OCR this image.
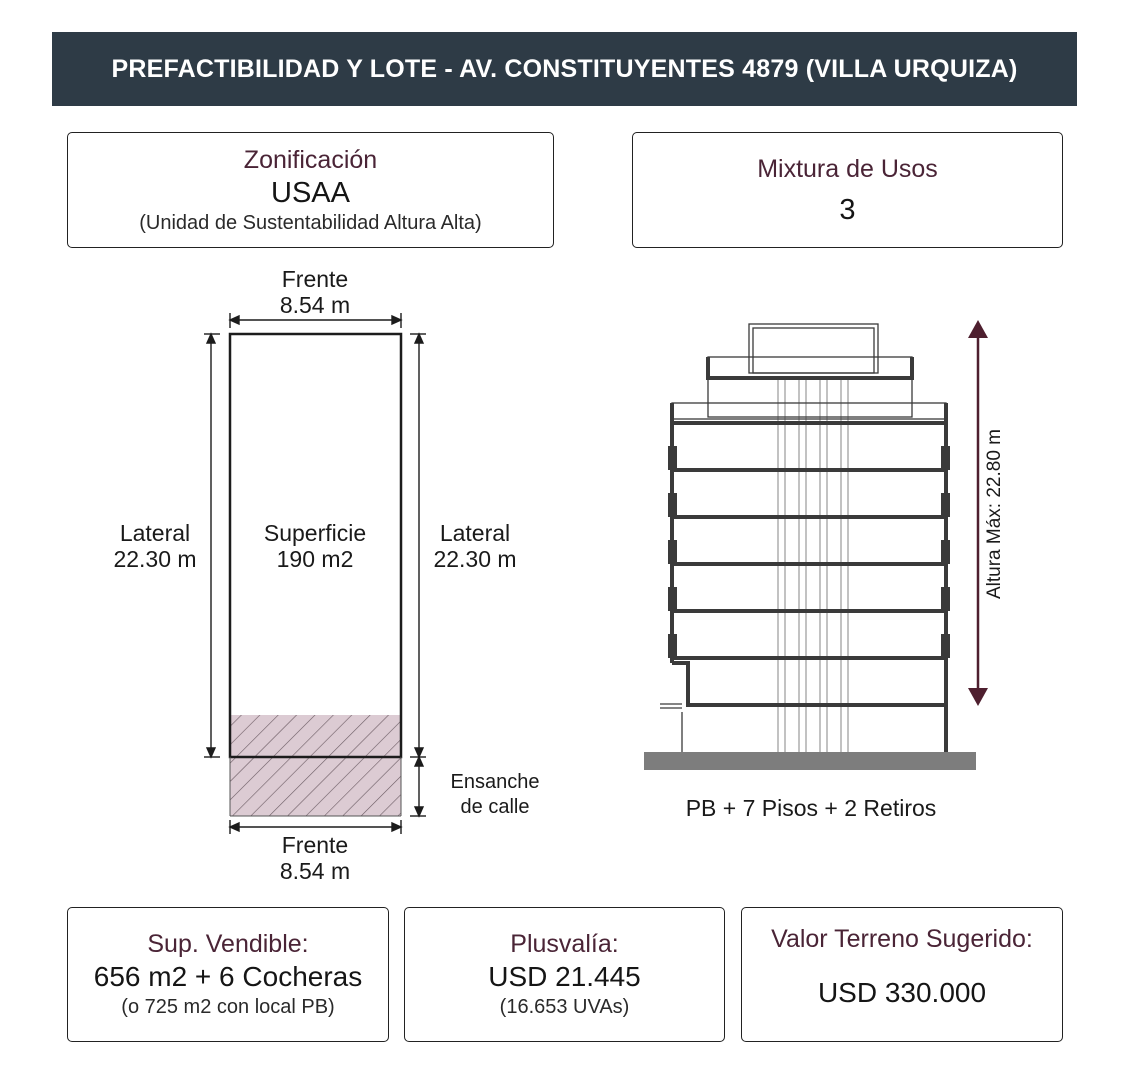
PREFACTIBILIDAD Y LOTE - AV. CONSTITUYENTES 4879 (VILLA URQUIZA)
Zonificación
USAA
(Unidad de Sustentabilidad Altura Alta)
Mixtura de Usos
3
Altura Máx: 22.80 m
Frente
8.54 m
Lateral
22.30 m
Superficie
190 m2
Lateral
22.30 m
Ensanche
de calle
Frente
8.54 m
PB + 7 Pisos + 2 Retiros
Sup. Vendible:
656 m2 + 6 Cocheras
(o 725 m2 con local PB)
Plusvalía:
USD 21.445
(16.653 UVAs)
Valor Terreno Sugerido:
USD 330.000
